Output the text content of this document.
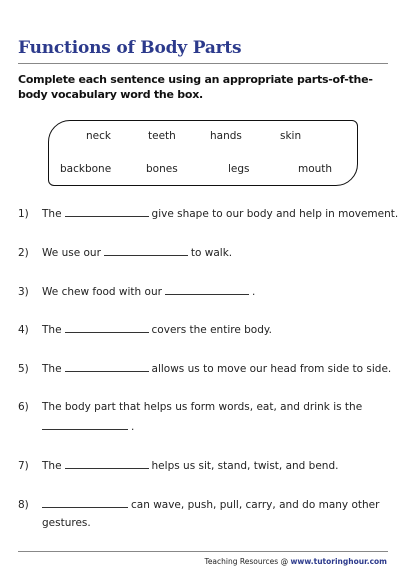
Functions of Body Parts
Complete each sentence using an appropriate parts-of-the-body vocabulary word the box.
neck	teeth	hands	skin
backbone	bones	legs	mouth
1) The	give shape to our body and help in movement.
2) We use our	to walk.
3) We chew food with our	.
4) The	covers the entire body.
5) The	allows us to move our head from side to side.
6) The body part that helps us form words, eat, and drink is the
.
7) The	helps us sit, stand, twist, and bend.
8)	can wave, push, pull, carry, and do many other
gestures.
Teaching Resources @ www.tutoringhour.com
